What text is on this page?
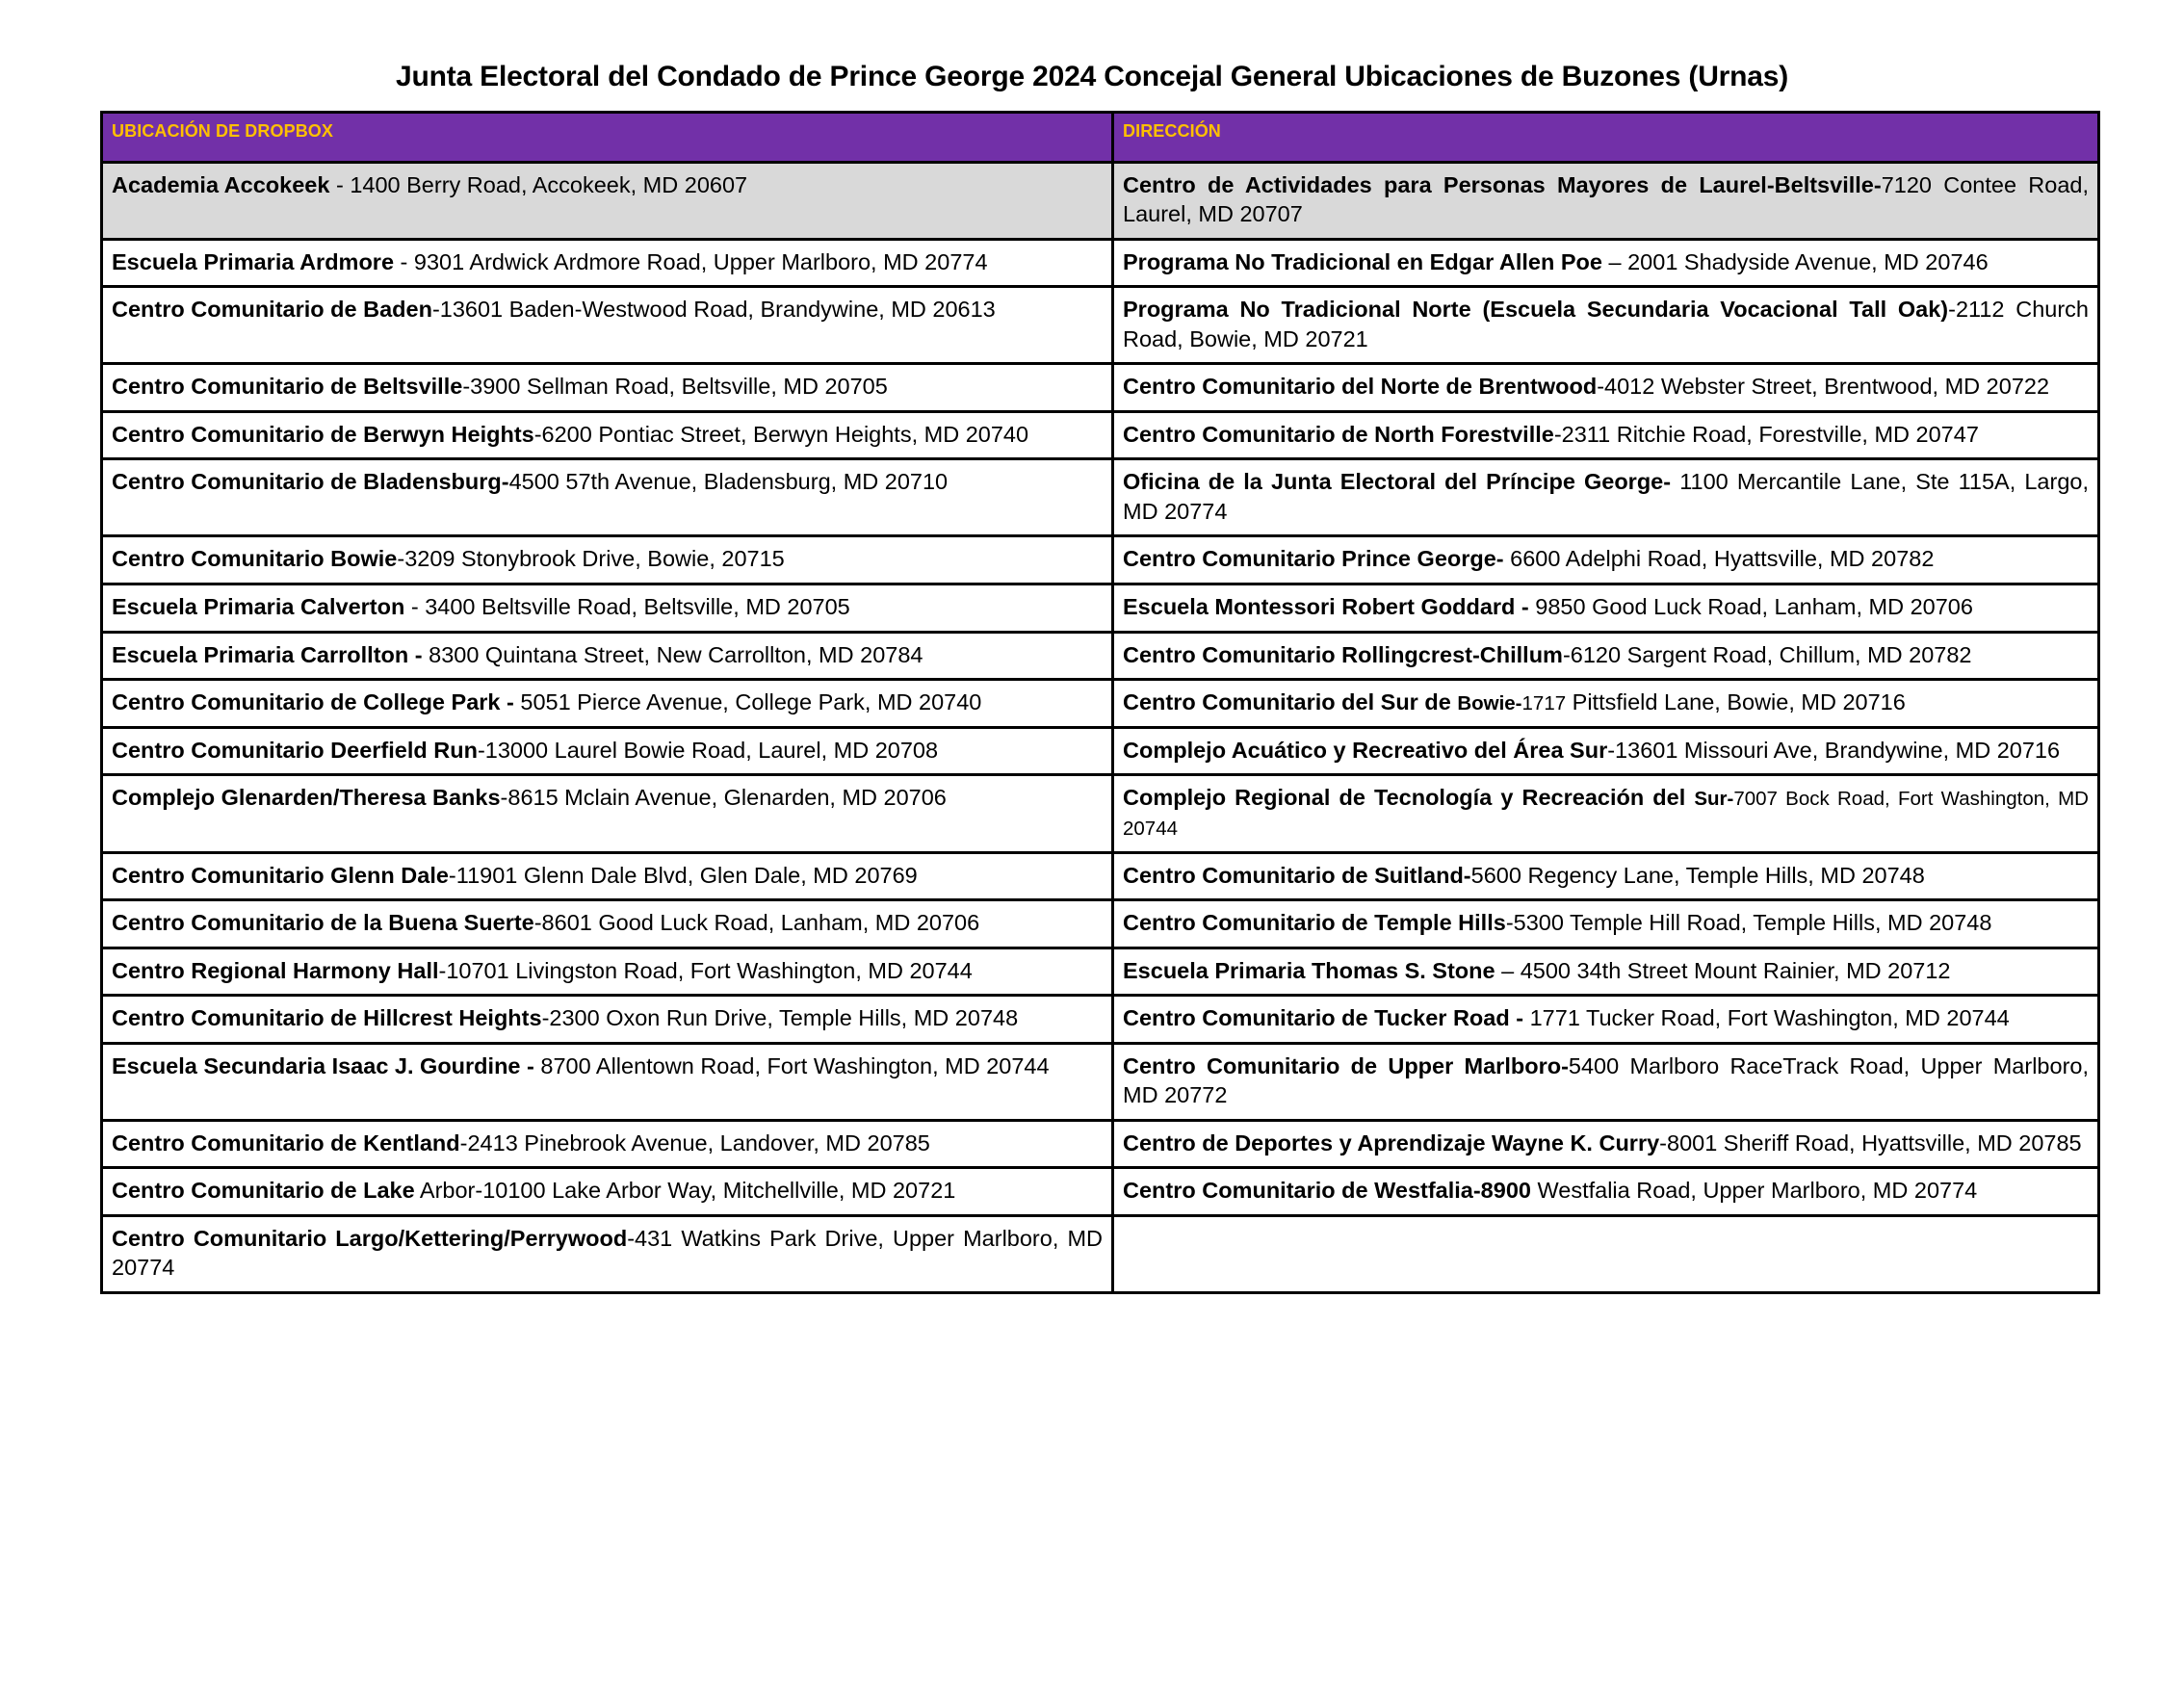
Junta Electoral del Condado de Prince George 2024 Concejal General Ubicaciones de Buzones (Urnas)
UBICACIÓN DE DROPBOX	DIRECCIÓN
Academia Accokeek - 1400 Berry Road, Accokeek, MD 20607	Centro de Actividades para Personas Mayores de Laurel-Beltsville-7120 Contee Road, Laurel, MD 20707
Escuela Primaria Ardmore - 9301 Ardwick Ardmore Road, Upper Marlboro, MD 20774	Programa No Tradicional en Edgar Allen Poe – 2001 Shadyside Avenue, MD 20746
Centro Comunitario de Baden-13601 Baden-Westwood Road, Brandywine, MD 20613	Programa No Tradicional Norte (Escuela Secundaria Vocacional Tall Oak)-2112 Church Road, Bowie, MD 20721
Centro Comunitario de Beltsville-3900 Sellman Road, Beltsville, MD 20705	Centro Comunitario del Norte de Brentwood-4012 Webster Street, Brentwood, MD 20722
Centro Comunitario de Berwyn Heights-6200 Pontiac Street, Berwyn Heights, MD 20740	Centro Comunitario de North Forestville-2311 Ritchie Road, Forestville, MD 20747
Centro Comunitario de Bladensburg-4500 57th Avenue, Bladensburg, MD 20710	Oficina de la Junta Electoral del Príncipe George- 1100 Mercantile Lane, Ste 115A, Largo, MD 20774
Centro Comunitario Bowie-3209 Stonybrook Drive, Bowie, 20715	Centro Comunitario Prince George- 6600 Adelphi Road, Hyattsville, MD 20782
Escuela Primaria Calverton - 3400 Beltsville Road, Beltsville, MD 20705	Escuela Montessori Robert Goddard - 9850 Good Luck Road, Lanham, MD 20706
Escuela Primaria Carrollton - 8300 Quintana Street, New Carrollton, MD 20784	Centro Comunitario Rollingcrest-Chillum-6120 Sargent Road, Chillum, MD 20782
Centro Comunitario de College Park - 5051 Pierce Avenue, College Park, MD 20740	Centro Comunitario del Sur de Bowie-1717 Pittsfield Lane, Bowie, MD 20716
Centro Comunitario Deerfield Run-13000 Laurel Bowie Road, Laurel, MD 20708	Complejo Acuático y Recreativo del Área Sur-13601 Missouri Ave, Brandywine, MD 20716
Complejo Glenarden/Theresa Banks-8615 Mclain Avenue, Glenarden, MD 20706	Complejo Regional de Tecnología y Recreación del Sur-7007 Bock Road, Fort Washington, MD 20744
Centro Comunitario Glenn Dale-11901 Glenn Dale Blvd, Glen Dale, MD 20769	Centro Comunitario de Suitland-5600 Regency Lane, Temple Hills, MD 20748
Centro Comunitario de la Buena Suerte-8601 Good Luck Road, Lanham, MD 20706	Centro Comunitario de Temple Hills-5300 Temple Hill Road, Temple Hills, MD 20748
Centro Regional Harmony Hall-10701 Livingston Road, Fort Washington, MD 20744	Escuela Primaria Thomas S. Stone – 4500 34th Street Mount Rainier, MD 20712
Centro Comunitario de Hillcrest Heights-2300 Oxon Run Drive, Temple Hills, MD 20748	Centro Comunitario de Tucker Road - 1771 Tucker Road, Fort Washington, MD 20744
Escuela Secundaria Isaac J. Gourdine - 8700 Allentown Road, Fort Washington, MD 20744	Centro Comunitario de Upper Marlboro-5400 Marlboro RaceTrack Road, Upper Marlboro, MD 20772
Centro Comunitario de Kentland-2413 Pinebrook Avenue, Landover, MD 20785	Centro de Deportes y Aprendizaje Wayne K. Curry-8001 Sheriff Road, Hyattsville, MD 20785
Centro Comunitario de Lake Arbor-10100 Lake Arbor Way, Mitchellville, MD 20721	Centro Comunitario de Westfalia-8900 Westfalia Road, Upper Marlboro, MD 20774
Centro Comunitario Largo/Kettering/Perrywood-431 Watkins Park Drive, Upper Marlboro, MD 20774	
